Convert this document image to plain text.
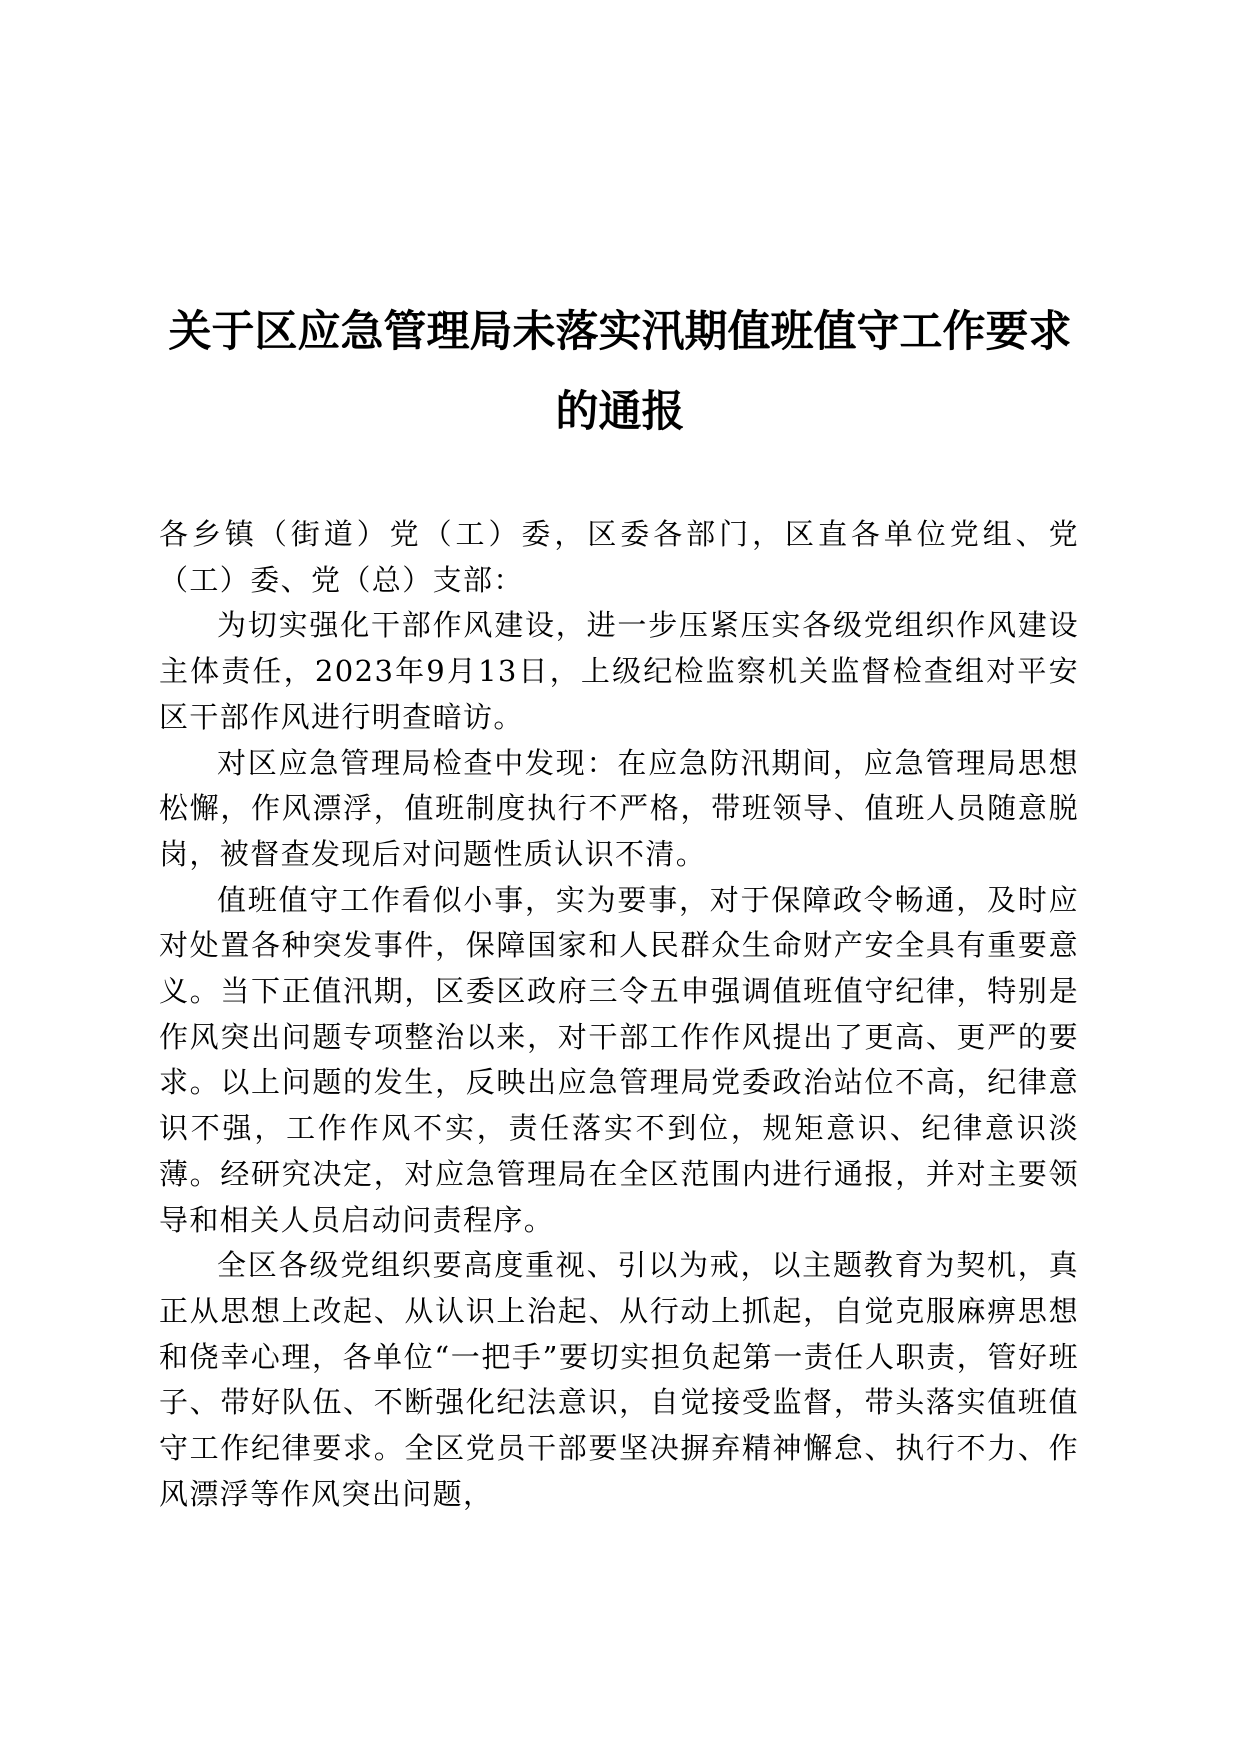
关于区应急管理局未落实汛期值班值守工作要求的通报

各乡镇（街道）党（工）委，区委各部门，区直各单位党组、党（工）委、党（总）支部：

为切实强化干部作风建设，进一步压紧压实各级党组织作风建设主体责任，2023年9月13日，上级纪检监察机关监督检查组对平安区干部作风进行明查暗访。

对区应急管理局检查中发现：在应急防汛期间，应急管理局思想松懈，作风漂浮，值班制度执行不严格，带班领导、值班人员随意脱岗，被督查发现后对问题性质认识不清。

值班值守工作看似小事，实为要事，对于保障政令畅通，及时应对处置各种突发事件，保障国家和人民群众生命财产安全具有重要意义。当下正值汛期，区委区政府三令五申强调值班值守纪律，特别是作风突出问题专项整治以来，对干部工作作风提出了更高、更严的要求。以上问题的发生，反映出应急管理局党委政治站位不高，纪律意识不强，工作作风不实，责任落实不到位，规矩意识、纪律意识淡薄。经研究决定，对应急管理局在全区范围内进行通报，并对主要领导和相关人员启动问责程序。

全区各级党组织要高度重视、引以为戒，以主题教育为契机，真正从思想上改起、从认识上治起、从行动上抓起，自觉克服麻痹思想和侥幸心理，各单位“一把手”要切实担负起第一责任人职责，管好班子、带好队伍、不断强化纪法意识，自觉接受监督，带头落实值班值守工作纪律要求。全区党员干部要坚决摒弃精神懈怠、执行不力、作风漂浮等作风突出问题，
